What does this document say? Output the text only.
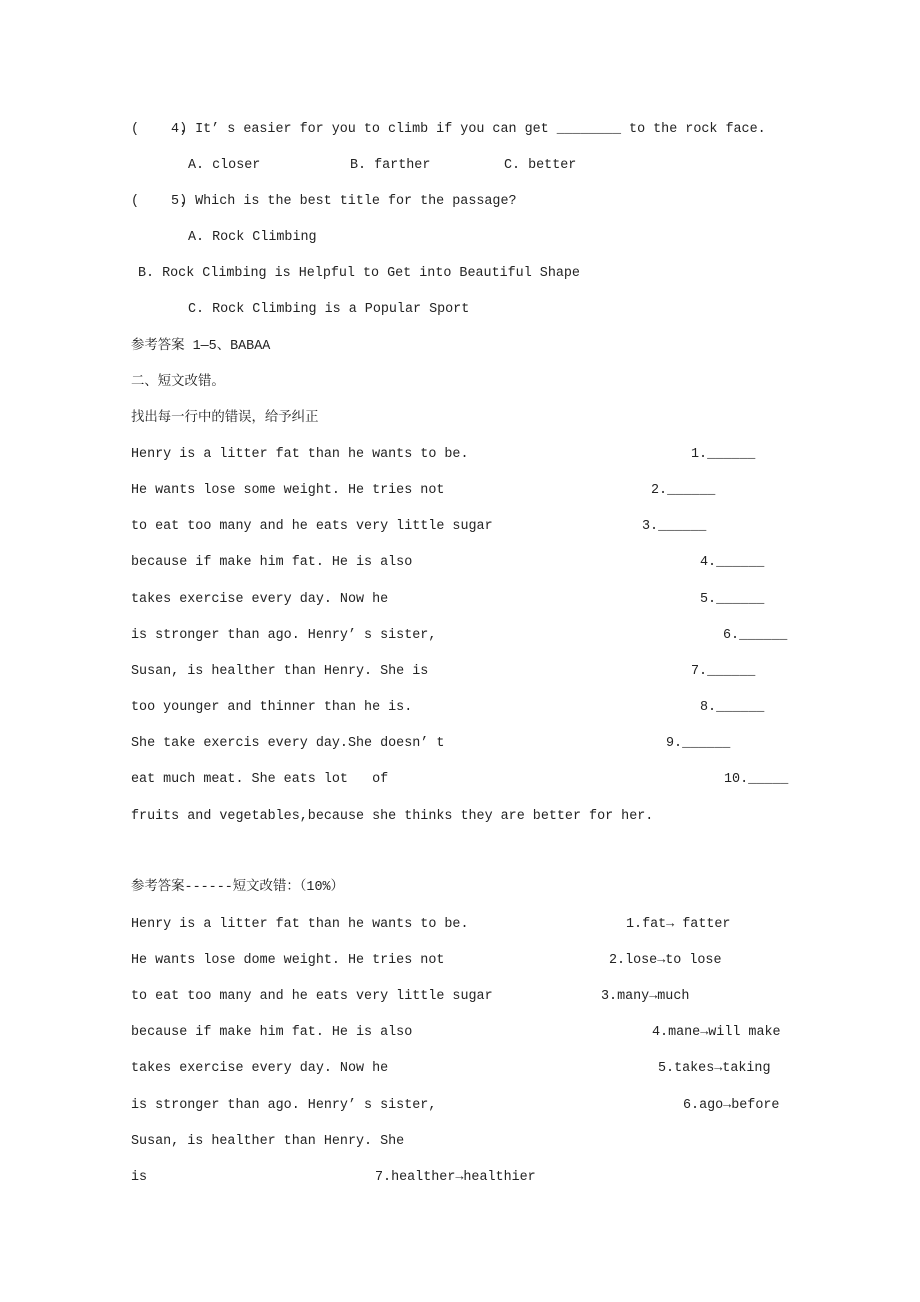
(     )
4. It’ s easier for you to climb if you can get ________ to the rock face.
A. closer	B. farther	C. better
(     )
5. Which is the best title for the passage?
A. Rock Climbing
B. Rock Climbing is Helpful to Get into Beautiful Shape
C. Rock Climbing is a Popular Sport
参考答案 1—5、BABAA
二、短文改错。
找出每一行中的错误，给予纠正
Henry is a litter fat than he wants to be.	1.______
He wants lose some weight. He tries not	2.______
to eat too many and he eats very little sugar	3.______
because if make him fat. He is also	4.______
takes exercise every day. Now he	5.______
is stronger than ago. Henry’ s sister,	6.______
Susan, is healther than Henry. She is	7.______
too younger and thinner than he is.	8.______
She take exercis every day.She doesn’ t	9.______
eat much meat. She eats lot   of	10._____
fruits and vegetables,because she thinks they are better for her.
参考答案------短文改错：（10%）
Henry is a litter fat than he wants to be.	1.fat→ fatter
He wants lose dome weight. He tries not	2.lose→to lose
to eat too many and he eats very little sugar	3.many→much
because if make him fat. He is also	4.mane→will make
takes exercise every day. Now he	5.takes→taking
is stronger than ago. Henry’ s sister,	6.ago→before
Susan, is healther than Henry. She
is	7.healther→healthier
